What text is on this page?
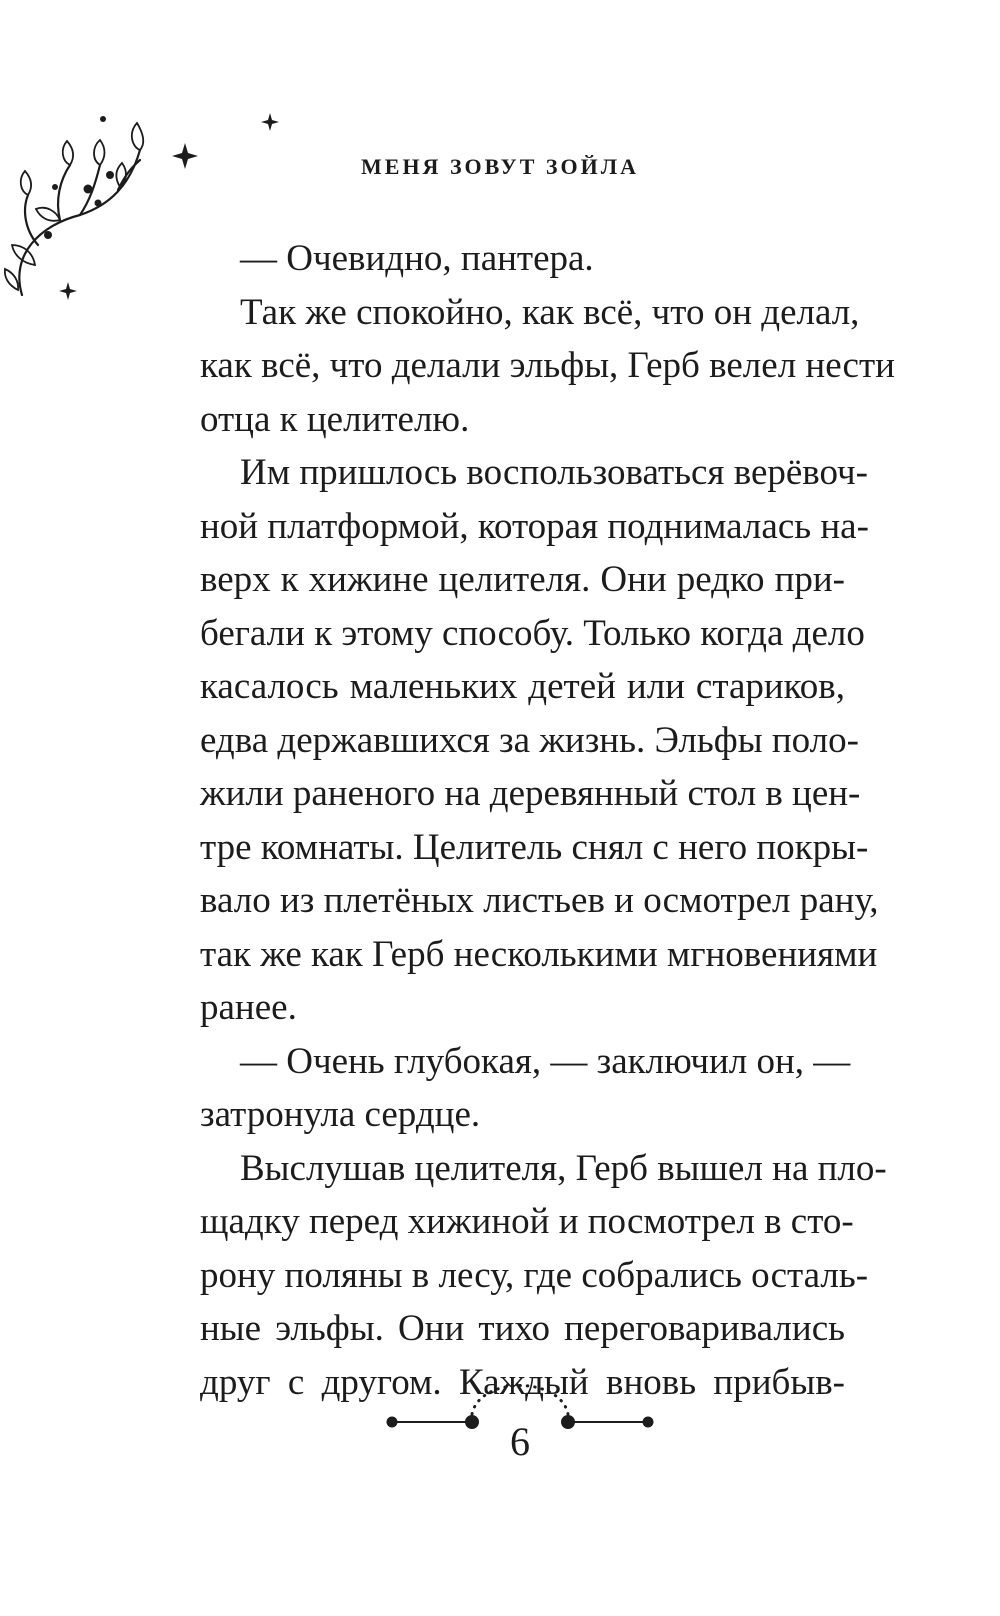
МЕНЯ ЗОВУТ ЗОЙЛА
— Очевидно, пантера.
Так же спокойно, как всё, что он делал,
как всё, что делали эльфы, Герб велел нести
отца к целителю.
Им пришлось воспользоваться верёвоч-
ной платформой, которая поднималась на-
верх к хижине целителя. Они редко при-
бегали к этому способу. Только когда дело
касалось маленьких детей или стариков,
едва державшихся за жизнь. Эльфы поло-
жили раненого на деревянный стол в цен-
тре комнаты. Целитель снял с него покры-
вало из плетёных листьев и осмотрел рану,
так же как Герб несколькими мгновениями
ранее.
— Очень глубокая, — заключил он, —
затронула сердце.
Выслушав целителя, Герб вышел на пло-
щадку перед хижиной и посмотрел в сто-
рону поляны в лесу, где собрались осталь-
ные эльфы. Они тихо переговаривались
друг с другом. Каждый вновь прибыв-
6
